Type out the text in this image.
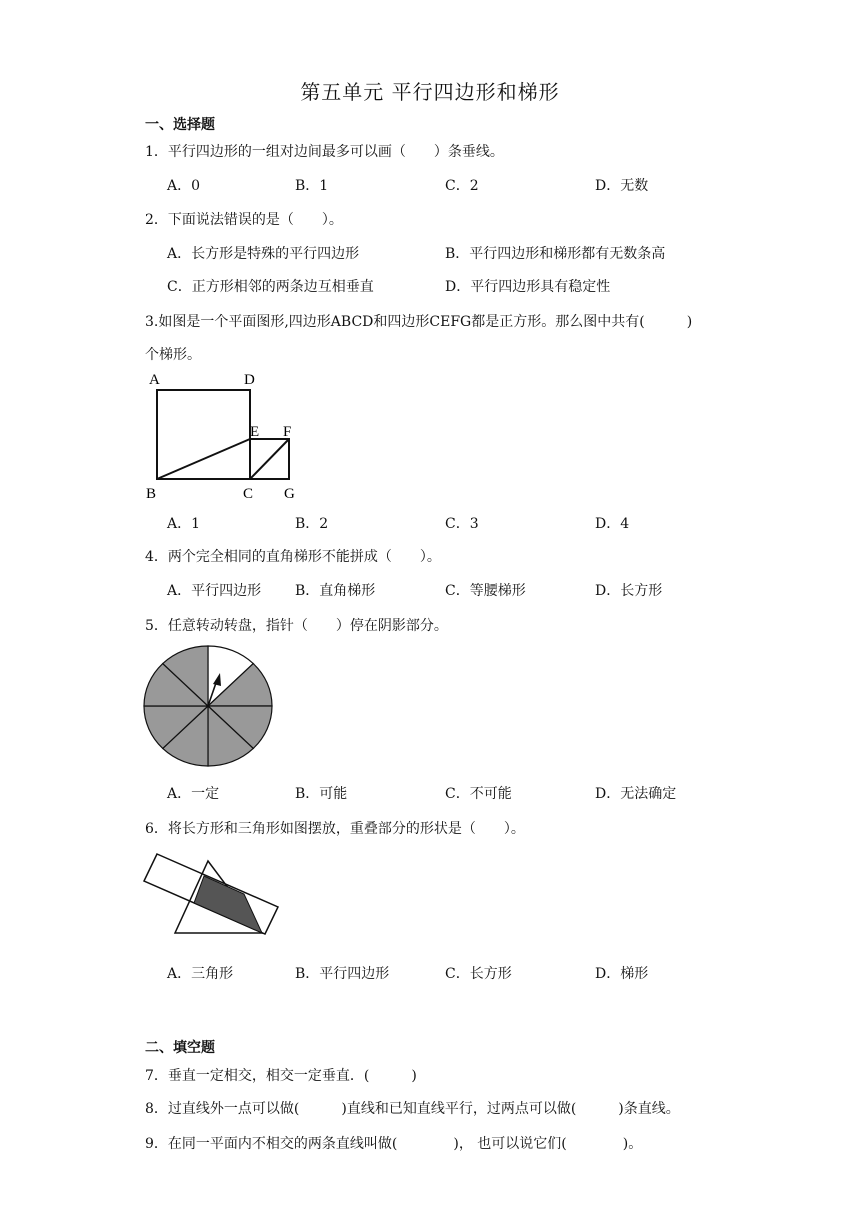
第五单元 平行四边形和梯形
一、选择题
1．平行四边形的一组对边间最多可以画（　　）条垂线。
A．0	B．1	C．2	D．无数
2．下面说法错误的是（　　）。
A．长方形是特殊的平行四边形	B．平行四边形和梯形都有无数条高
C．正方形相邻的两条边互相垂直	D．平行四边形具有稳定性
3.如图是一个平面图形,四边形ABCD和四边形CEFG都是正方形。那么图中共有(　　　)
个梯形。
A	D
E F
B	C G
A．1	B．2	C．3	D．4
4．两个完全相同的直角梯形不能拼成（　　）。
A．平行四边形 B．直角梯形	C．等腰梯形	D．长方形
5．任意转动转盘，指针（　　）停在阴影部分。
A．一定	B．可能	C．不可能	D．无法确定
6．将长方形和三角形如图摆放，重叠部分的形状是（　　）。
A．三角形	B．平行四边形	C．长方形	D．梯形
二、填空题
7．垂直一定相交，相交一定垂直．(　　　)
8．过直线外一点可以做(　　　)直线和已知直线平行，过两点可以做(　　　)条直线。
9．在同一平面内不相交的两条直线叫做(　　　　)， 也可以说它们(　　　　)。
